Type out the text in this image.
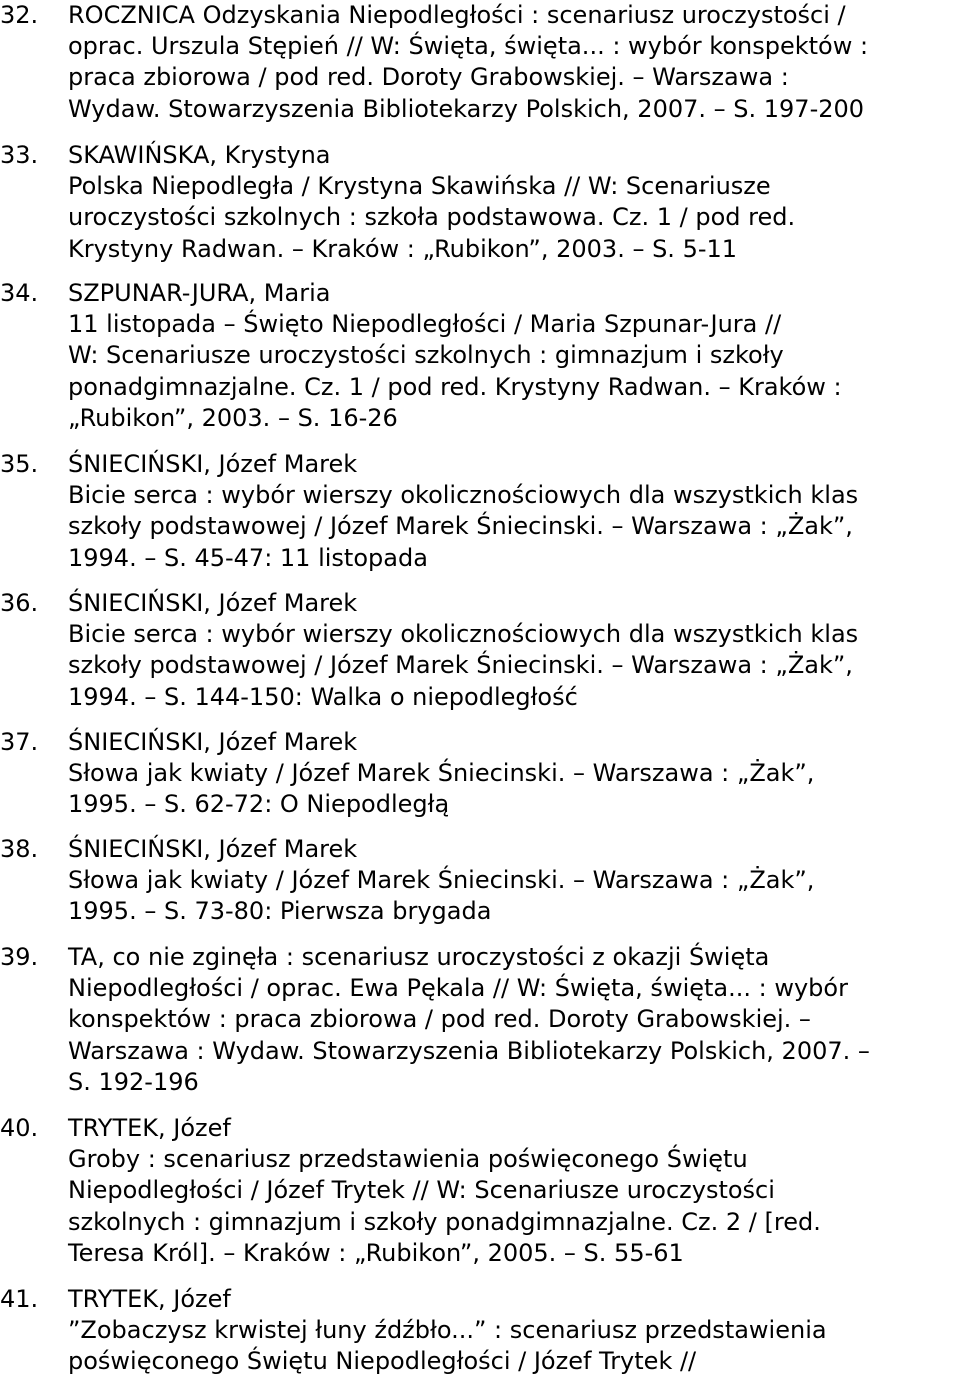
32.	ROCZNICA Odzyskania Niepodległości : scenariusz uroczystości /
oprac. Urszula Stępień // W: Święta, święta... : wybór konspektów :
praca zbiorowa / pod red. Doroty Grabowskiej. – Warszawa :
Wydaw. Stowarzyszenia Bibliotekarzy Polskich, 2007. – S. 197-200
33.	SKAWIŃSKA, Krystyna
Polska Niepodległa / Krystyna Skawińska // W: Scenariusze
uroczystości szkolnych : szkoła podstawowa. Cz. 1 / pod red.
Krystyny Radwan. – Kraków : „Rubikon”, 2003. – S. 5-11
34.	SZPUNAR-JURA, Maria
11 listopada – Święto Niepodległości / Maria Szpunar-Jura //
W: Scenariusze uroczystości szkolnych : gimnazjum i szkoły
ponadgimnazjalne. Cz. 1 / pod red. Krystyny Radwan. – Kraków :
„Rubikon”, 2003. – S. 16-26
35.	ŚNIECIŃSKI, Józef Marek
Bicie serca : wybór wierszy okolicznościowych dla wszystkich klas
szkoły podstawowej / Józef Marek Śniecinski. – Warszawa : „Żak”,
1994. – S. 45-47: 11 listopada
36.	ŚNIECIŃSKI, Józef Marek
Bicie serca : wybór wierszy okolicznościowych dla wszystkich klas
szkoły podstawowej / Józef Marek Śniecinski. – Warszawa : „Żak”,
1994. – S. 144-150: Walka o niepodległość
37.	ŚNIECIŃSKI, Józef Marek
Słowa jak kwiaty / Józef Marek Śniecinski. – Warszawa : „Żak”,
1995. – S. 62-72: O Niepodległą
38.	ŚNIECIŃSKI, Józef Marek
Słowa jak kwiaty / Józef Marek Śniecinski. – Warszawa : „Żak”,
1995. – S. 73-80: Pierwsza brygada
39.	TA, co nie zginęła : scenariusz uroczystości z okazji Święta
Niepodległości / oprac. Ewa Pękala // W: Święta, święta... : wybór
konspektów : praca zbiorowa / pod red. Doroty Grabowskiej. –
Warszawa : Wydaw. Stowarzyszenia Bibliotekarzy Polskich, 2007. –
S. 192-196
40.	TRYTEK, Józef
Groby : scenariusz przedstawienia poświęconego Świętu
Niepodległości / Józef Trytek // W: Scenariusze uroczystości
szkolnych : gimnazjum i szkoły ponadgimnazjalne. Cz. 2 / [red.
Teresa Król]. – Kraków : „Rubikon”, 2005. – S. 55-61
41.	TRYTEK, Józef
”Zobaczysz krwistej łuny źdźbło...” : scenariusz przedstawienia
poświęconego Świętu Niepodległości / Józef Trytek //
